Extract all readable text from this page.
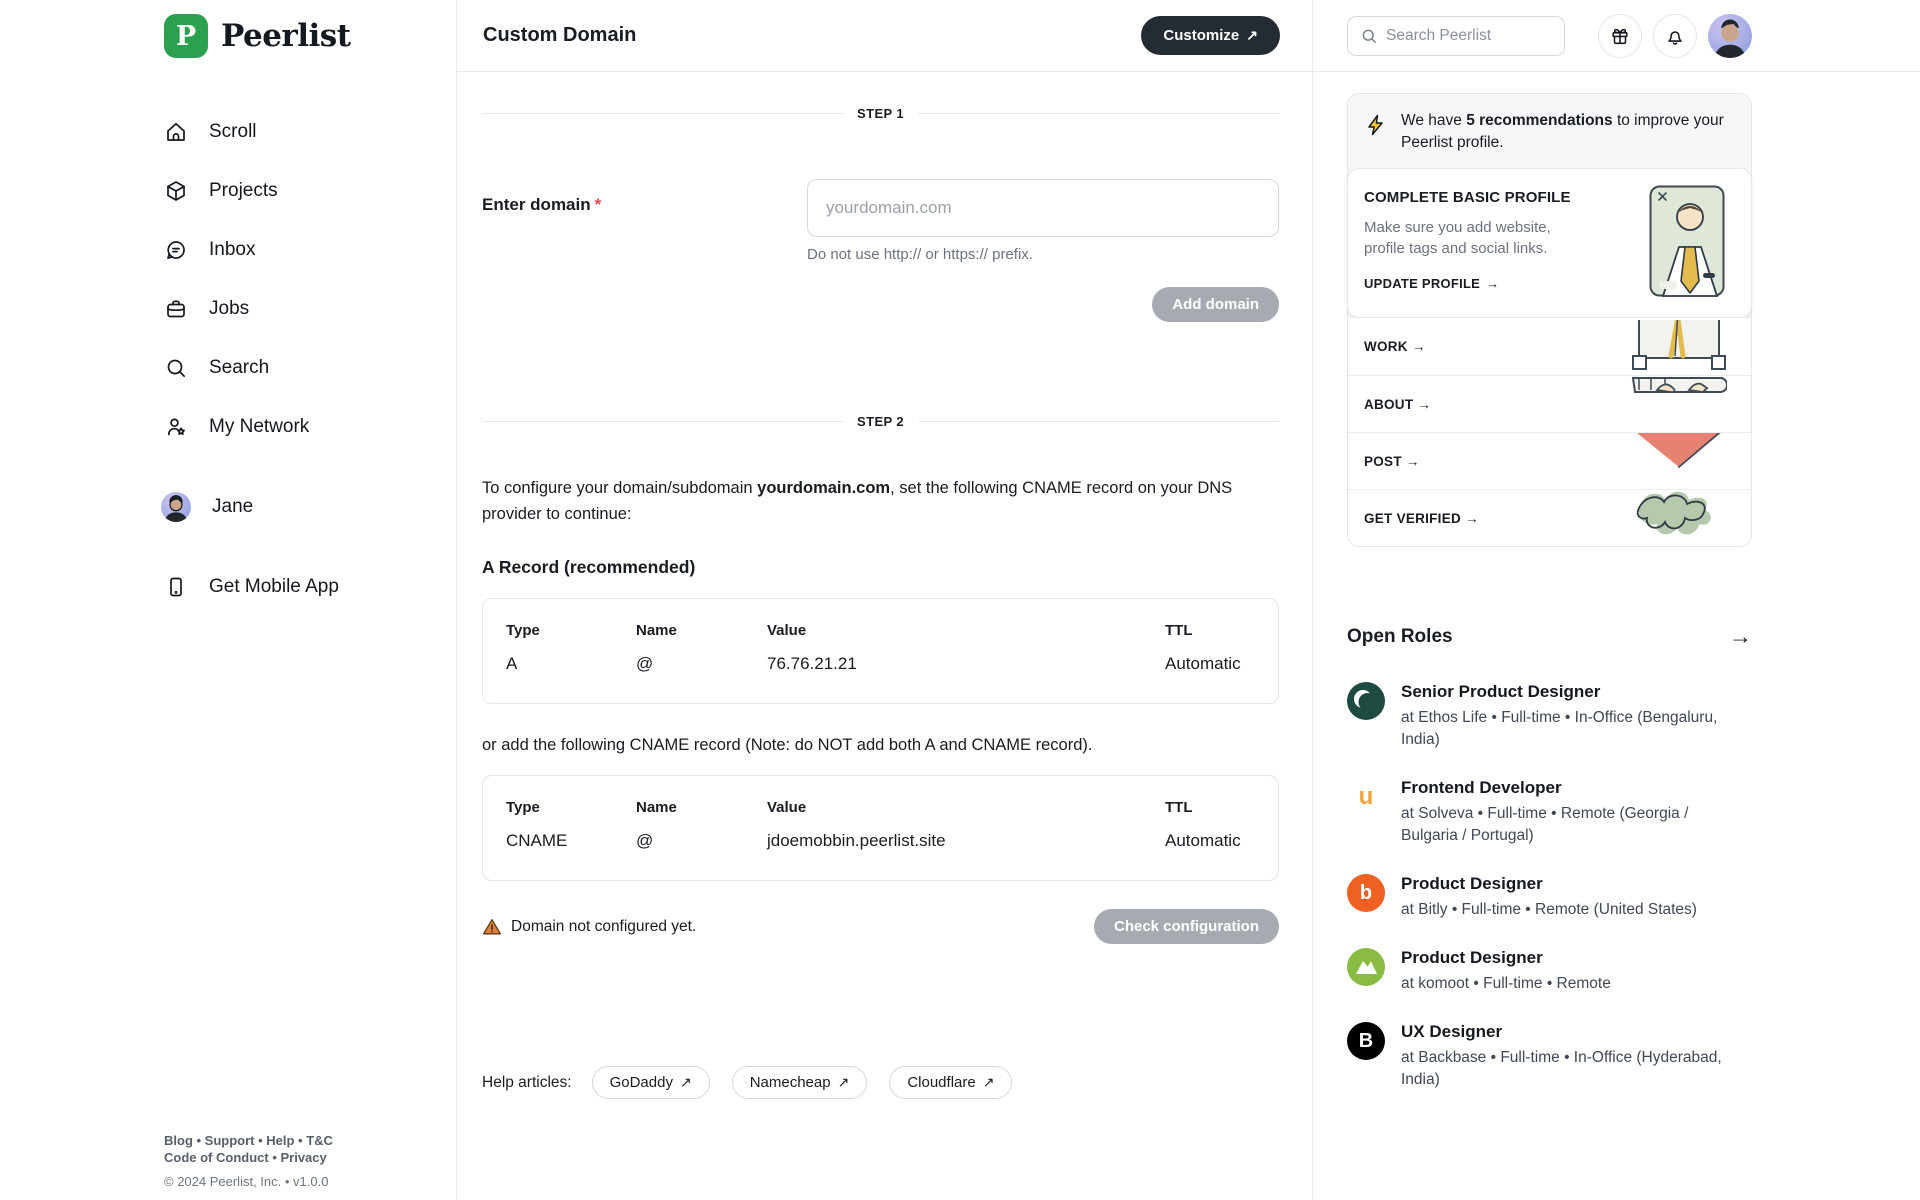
P Peerlist
Scroll
Projects
Inbox
Jobs
Search
My Network
Jane
Get Mobile App
Blog • Support • Help • T&C
Code of Conduct • Privacy
© 2024 Peerlist, Inc. • v1.0.0
Custom Domain	Customize ↗
STEP 1
Enter domain *
yourdomain.com
Do not use http:// or https:// prefix.
Add domain
STEP 2

To configure your domain/subdomain yourdomain.com, set the following CNAME record on your DNS provider to continue:

A Record (recommended)
Type	Name	Value	TTL
A	@	76.76.21.21	Automatic

or add the following CNAME record (Note: do NOT add both A and CNAME record).

Type	Name	Value	TTL
CNAME	@	jdoemobbin.peerlist.site	Automatic
Domain not configured yet.	Check configuration
Help articles:	GoDaddy ↗	Namecheap ↗	Cloudflare ↗
Search Peerlist
We have 5 recommendations to improve your Peerlist profile.
COMPLETE BASIC PROFILE
Make sure you add website, profile tags and social links.
UPDATE PROFILE →
WORK
→
ABOUT
→
POST
→
GET VERIFIED
→
Open Roles	→
Senior Product Designer
at Ethos Life • Full-time • In-Office (Bengaluru, India)
u Frontend Developer
at Solveva • Full-time • Remote (Georgia / Bulgaria / Portugal)
b Product Designer
at Bitly • Full-time • Remote (United States)
Product Designer
at komoot • Full-time • Remote
B UX Designer
at Backbase • Full-time • In-Office (Hyderabad, India)
